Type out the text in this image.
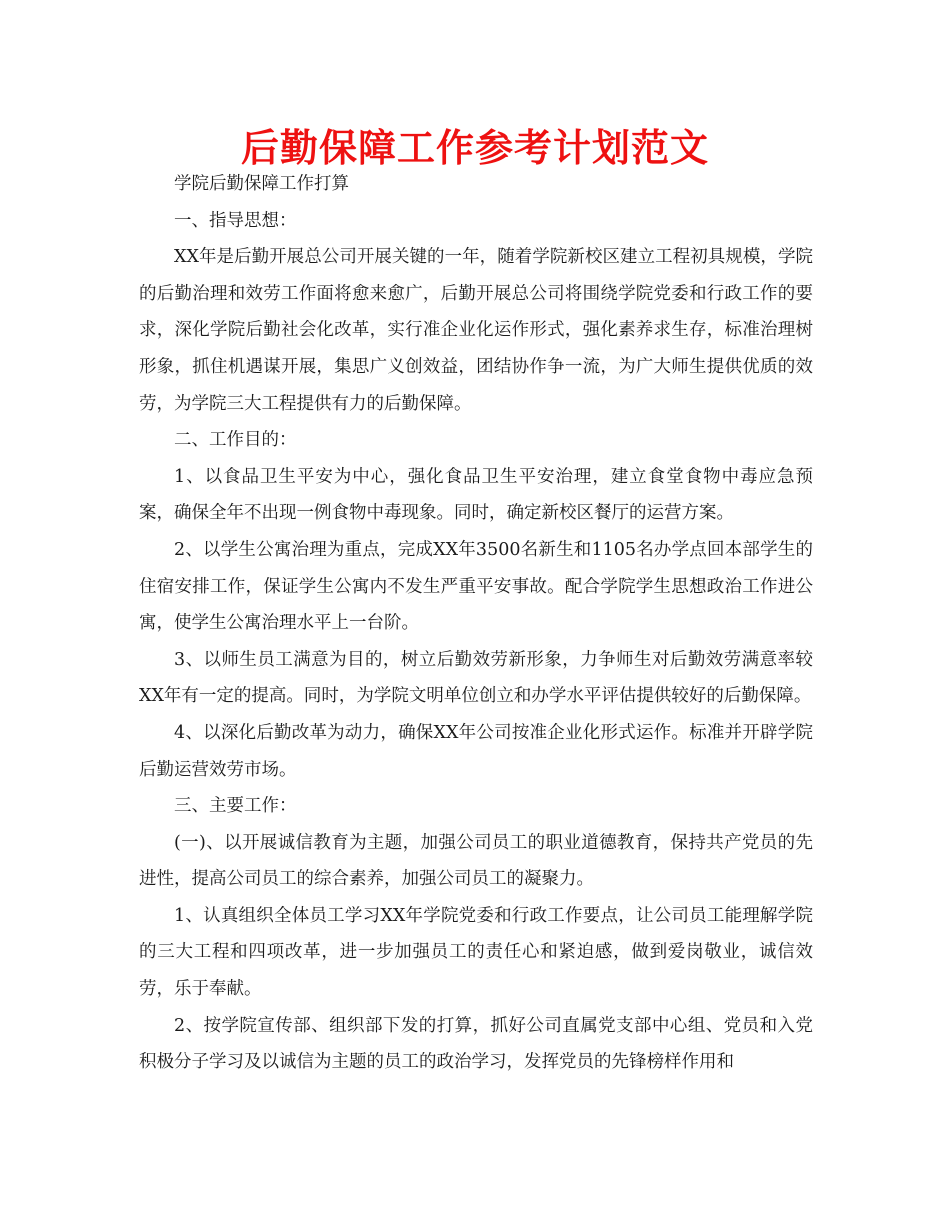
后勤保障工作参考计划范文

学院后勤保障工作打算

一、指导思想：

XX年是后勤开展总公司开展关键的一年，随着学院新校区建立工程初具规模，学院的后勤治理和效劳工作面将愈来愈广，后勤开展总公司将围绕学院党委和行政工作的要求，深化学院后勤社会化改革，实行准企业化运作形式，强化素养求生存，标准治理树形象，抓住机遇谋开展，集思广义创效益，团结协作争一流，为广大师生提供优质的效劳，为学院三大工程提供有力的后勤保障。

二、工作目的：

1、以食品卫生平安为中心，强化食品卫生平安治理，建立食堂食物中毒应急预案，确保全年不出现一例食物中毒现象。同时，确定新校区餐厅的运营方案。

2、以学生公寓治理为重点，完成XX年3500名新生和1105名办学点回本部学生的住宿安排工作，保证学生公寓内不发生严重平安事故。配合学院学生思想政治工作进公寓，使学生公寓治理水平上一台阶。

3、以师生员工满意为目的，树立后勤效劳新形象，力争师生对后勤效劳满意率较XX年有一定的提高。同时，为学院文明单位创立和办学水平评估提供较好的后勤保障。

4、以深化后勤改革为动力，确保XX年公司按准企业化形式运作。标准并开辟学院后勤运营效劳市场。

三、主要工作：

(一)、以开展诚信教育为主题，加强公司员工的职业道德教育，保持共产党员的先进性，提高公司员工的综合素养，加强公司员工的凝聚力。

1、认真组织全体员工学习XX年学院党委和行政工作要点，让公司员工能理解学院的三大工程和四项改革，进一步加强员工的责任心和紧迫感，做到爱岗敬业，诚信效劳，乐于奉献。

2、按学院宣传部、组织部下发的打算，抓好公司直属党支部中心组、党员和入党积极分子学习及以诚信为主题的员工的政治学习，发挥党员的先锋榜样作用和
